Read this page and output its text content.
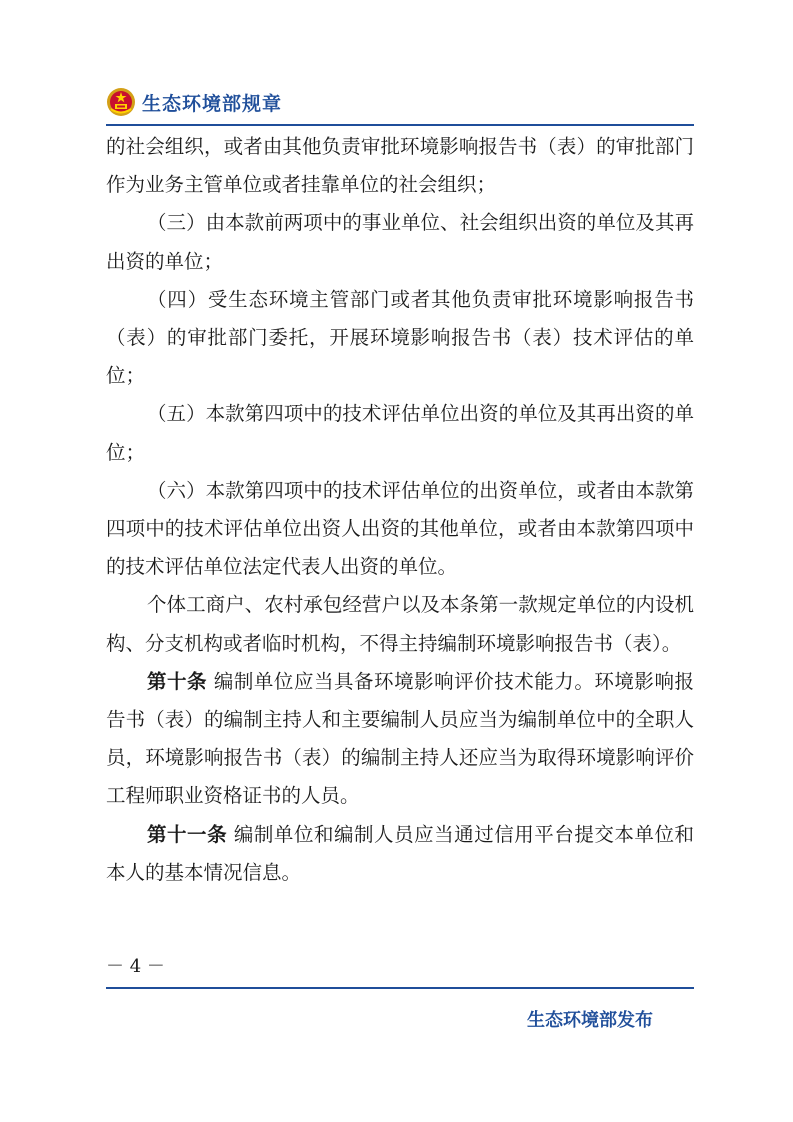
生态环境部规章

的社会组织，或者由其他负责审批环境影响报告书（表）的审批部门作为业务主管单位或者挂靠单位的社会组织；

（三）由本款前两项中的事业单位、社会组织出资的单位及其再出资的单位；

（四）受生态环境主管部门或者其他负责审批环境影响报告书（表）的审批部门委托，开展环境影响报告书（表）技术评估的单位；

（五）本款第四项中的技术评估单位出资的单位及其再出资的单位；

（六）本款第四项中的技术评估单位的出资单位，或者由本款第四项中的技术评估单位出资人出资的其他单位，或者由本款第四项中的技术评估单位法定代表人出资的单位。

个体工商户、农村承包经营户以及本条第一款规定单位的内设机构、分支机构或者临时机构，不得主持编制环境影响报告书（表）。

第十条 编制单位应当具备环境影响评价技术能力。环境影响报告书（表）的编制主持人和主要编制人员应当为编制单位中的全职人员，环境影响报告书（表）的编制主持人还应当为取得环境影响评价工程师职业资格证书的人员。

第十一条 编制单位和编制人员应当通过信用平台提交本单位和本人的基本情况信息。

－ 4 －
生态环境部发布
